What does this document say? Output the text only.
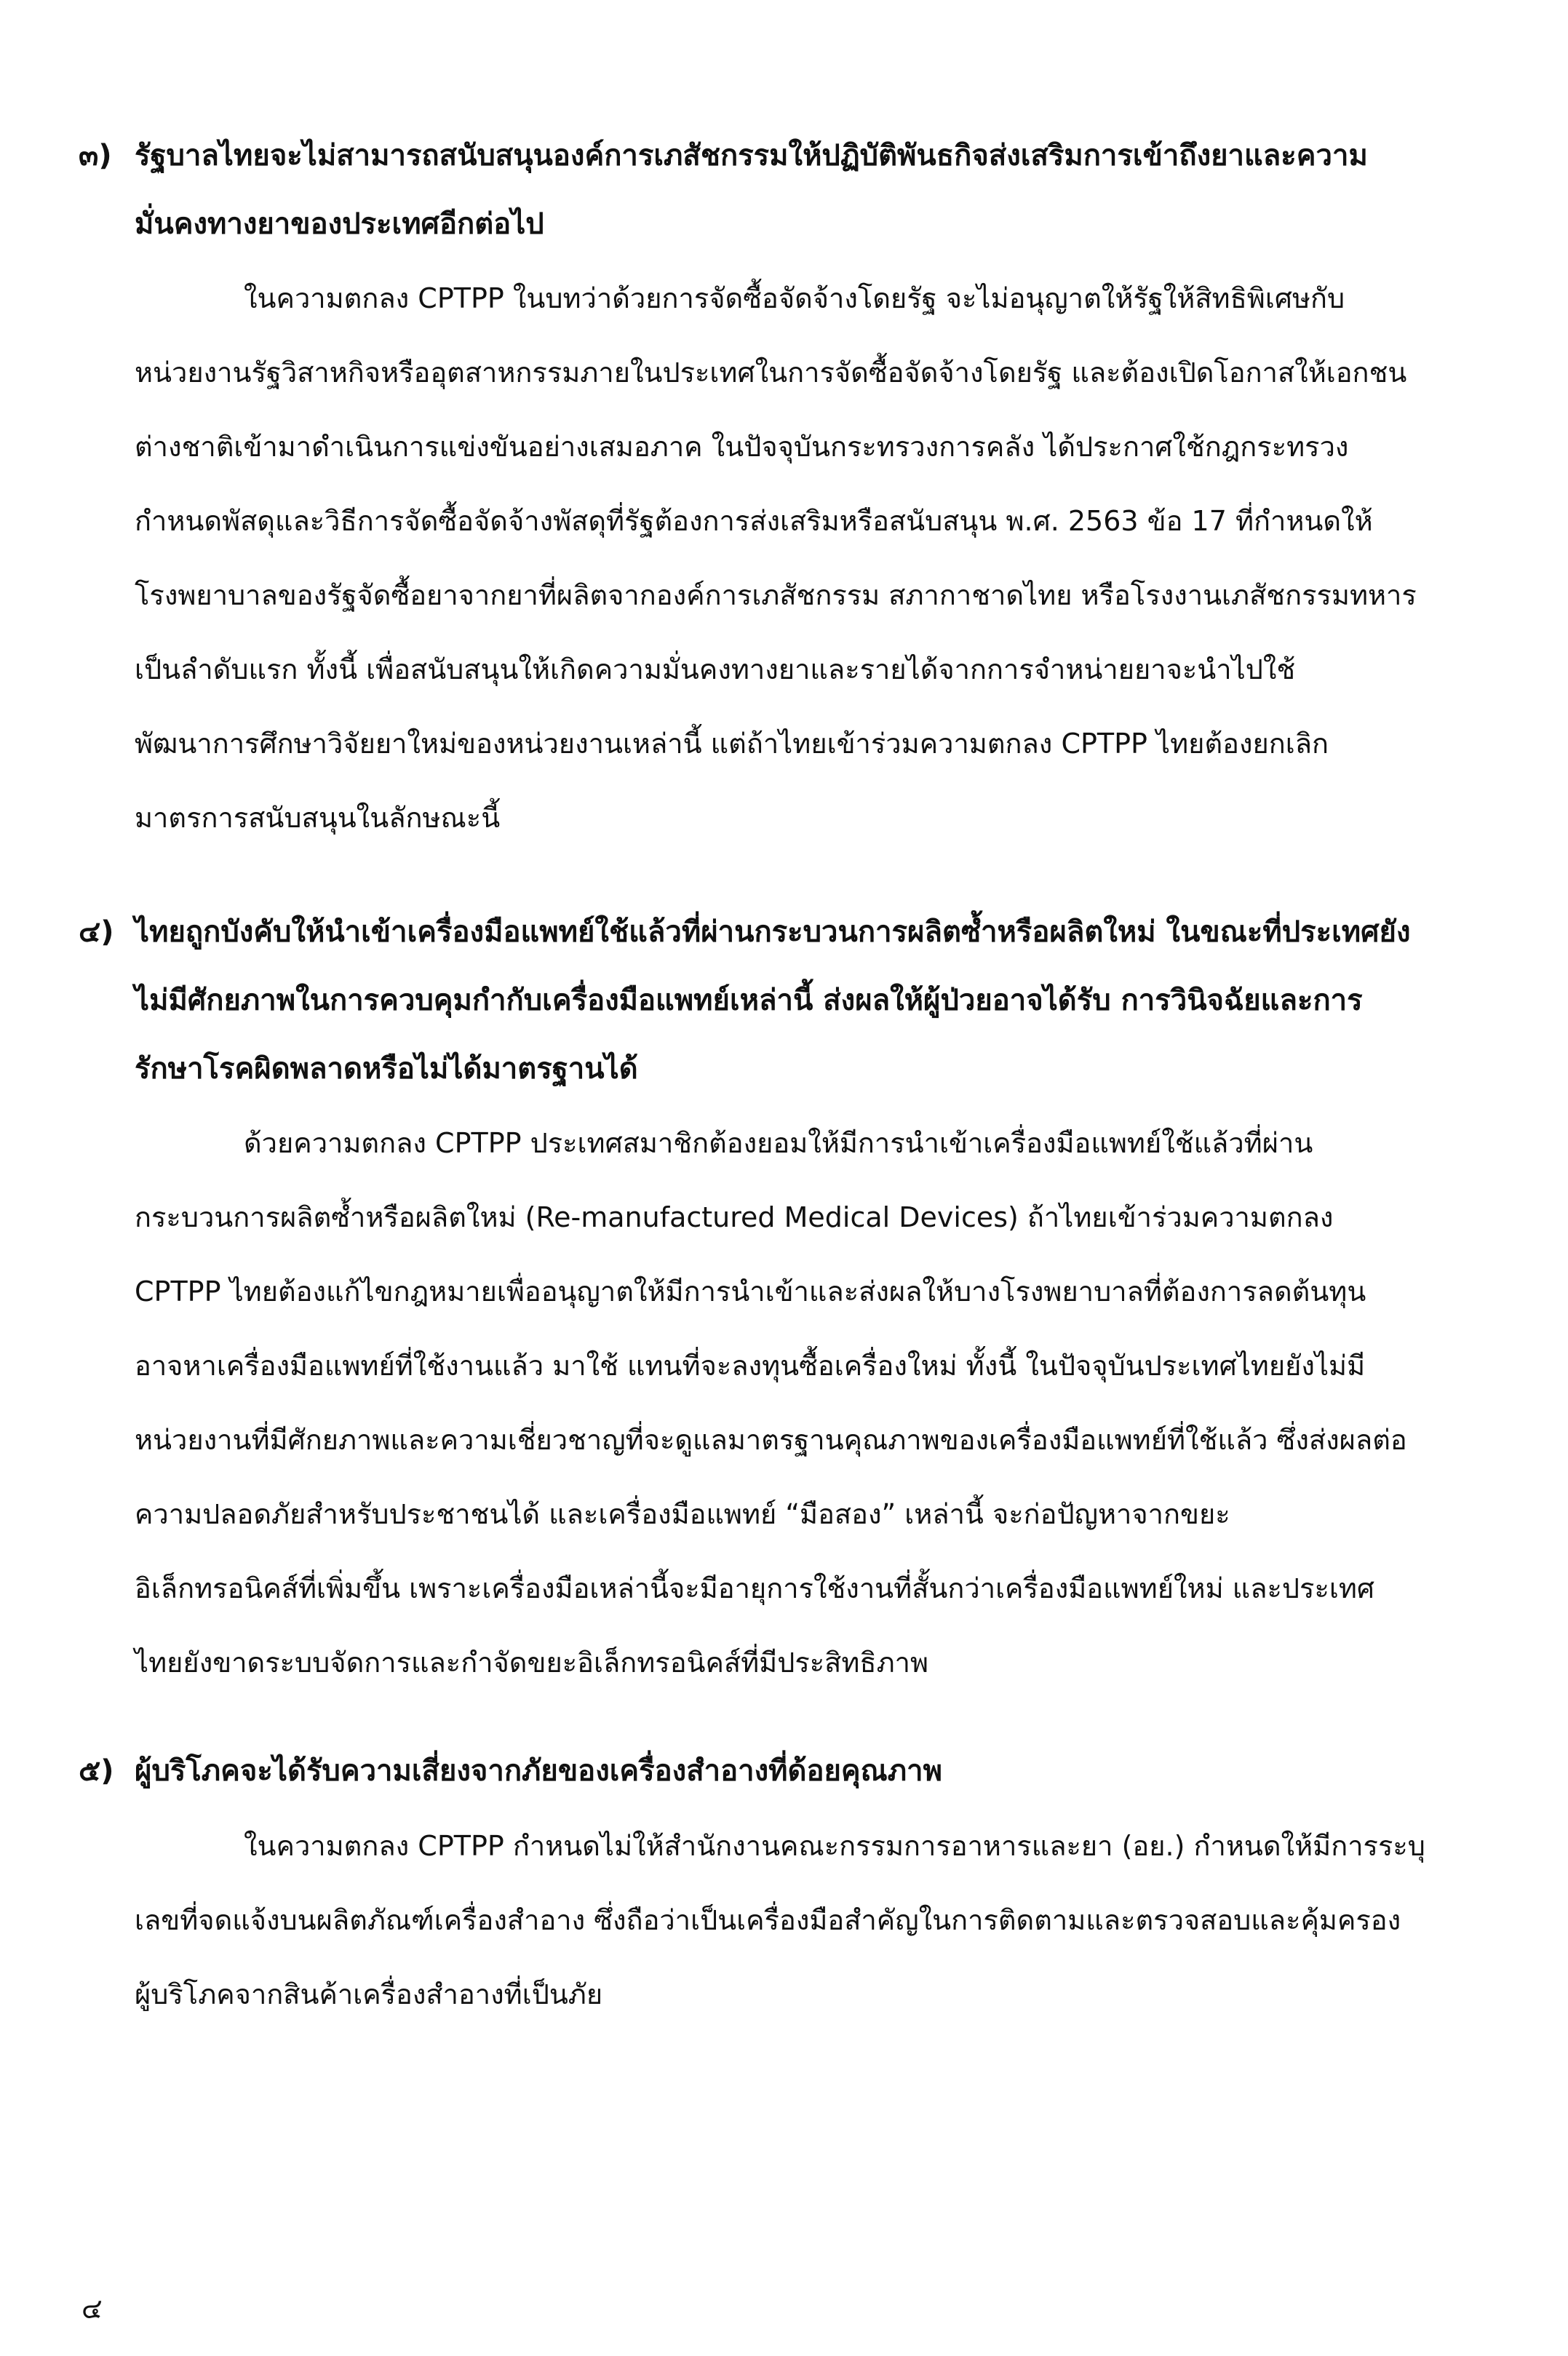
๓) รัฐบาลไทยจะไม่สามารถสนับสนุนองค์การเภสัชกรรมให้ปฏิบัติพันธกิจส่งเสริมการเข้าถึงยาและความ
มั่นคงทางยาของประเทศอีกต่อไป
ในความตกลง CPTPP ในบทว่าด้วยการจัดซื้อจัดจ้างโดยรัฐ จะไม่อนุญาตให้รัฐให้สิทธิพิเศษกับ
หน่วยงานรัฐวิสาหกิจหรืออุตสาหกรรมภายในประเทศในการจัดซื้อจัดจ้างโดยรัฐ และต้องเปิดโอกาสให้เอกชน
ต่างชาติเข้ามาดำเนินการแข่งขันอย่างเสมอภาค ในปัจจุบันกระทรวงการคลัง ได้ประกาศใช้กฎกระทรวง
กำหนดพัสดุและวิธีการจัดซื้อจัดจ้างพัสดุที่รัฐต้องการส่งเสริมหรือสนับสนุน พ.ศ. 2563 ข้อ 17 ที่กำหนดให้
โรงพยาบาลของรัฐจัดซื้อยาจากยาที่ผลิตจากองค์การเภสัชกรรม สภากาชาดไทย หรือโรงงานเภสัชกรรมทหาร
เป็นลำดับแรก ทั้งนี้ เพื่อสนับสนุนให้เกิดความมั่นคงทางยาและรายได้จากการจำหน่ายยาจะนำไปใช้
พัฒนาการศึกษาวิจัยยาใหม่ของหน่วยงานเหล่านี้ แต่ถ้าไทยเข้าร่วมความตกลง CPTPP ไทยต้องยกเลิก
มาตรการสนับสนุนในลักษณะนี้
๔) ไทยถูกบังคับให้นำเข้าเครื่องมือแพทย์ใช้แล้วที่ผ่านกระบวนการผลิตซ้ำหรือผลิตใหม่ ในขณะที่ประเทศยัง
ไม่มีศักยภาพในการควบคุมกำกับเครื่องมือแพทย์เหล่านี้ ส่งผลให้ผู้ป่วยอาจได้รับ การวินิจฉัยและการ
รักษาโรคผิดพลาดหรือไม่ได้มาตรฐานได้
ด้วยความตกลง CPTPP ประเทศสมาชิกต้องยอมให้มีการนำเข้าเครื่องมือแพทย์ใช้แล้วที่ผ่าน
กระบวนการผลิตซ้ำหรือผลิตใหม่ (Re-manufactured Medical Devices) ถ้าไทยเข้าร่วมความตกลง
CPTPP ไทยต้องแก้ไขกฎหมายเพื่ออนุญาตให้มีการนำเข้าและส่งผลให้บางโรงพยาบาลที่ต้องการลดต้นทุน
อาจหาเครื่องมือแพทย์ที่ใช้งานแล้ว มาใช้ แทนที่จะลงทุนซื้อเครื่องใหม่ ทั้งนี้ ในปัจจุบันประเทศไทยยังไม่มี
หน่วยงานที่มีศักยภาพและความเชี่ยวชาญที่จะดูแลมาตรฐานคุณภาพของเครื่องมือแพทย์ที่ใช้แล้ว ซึ่งส่งผลต่อ
ความปลอดภัยสำหรับประชาชนได้ และเครื่องมือแพทย์ “มือสอง” เหล่านี้ จะก่อปัญหาจากขยะ
อิเล็กทรอนิคส์ที่เพิ่มขึ้น เพราะเครื่องมือเหล่านี้จะมีอายุการใช้งานที่สั้นกว่าเครื่องมือแพทย์ใหม่ และประเทศ
ไทยยังขาดระบบจัดการและกำจัดขยะอิเล็กทรอนิคส์ที่มีประสิทธิภาพ
๕) ผู้บริโภคจะได้รับความเสี่ยงจากภัยของเครื่องสำอางที่ด้อยคุณภาพ
ในความตกลง CPTPP กำหนดไม่ให้สำนักงานคณะกรรมการอาหารและยา (อย.) กำหนดให้มีการระบุ
เลขที่จดแจ้งบนผลิตภัณฑ์เครื่องสำอาง ซึ่งถือว่าเป็นเครื่องมือสำคัญในการติดตามและตรวจสอบและคุ้มครอง
ผู้บริโภคจากสินค้าเครื่องสำอางที่เป็นภัย
๔
